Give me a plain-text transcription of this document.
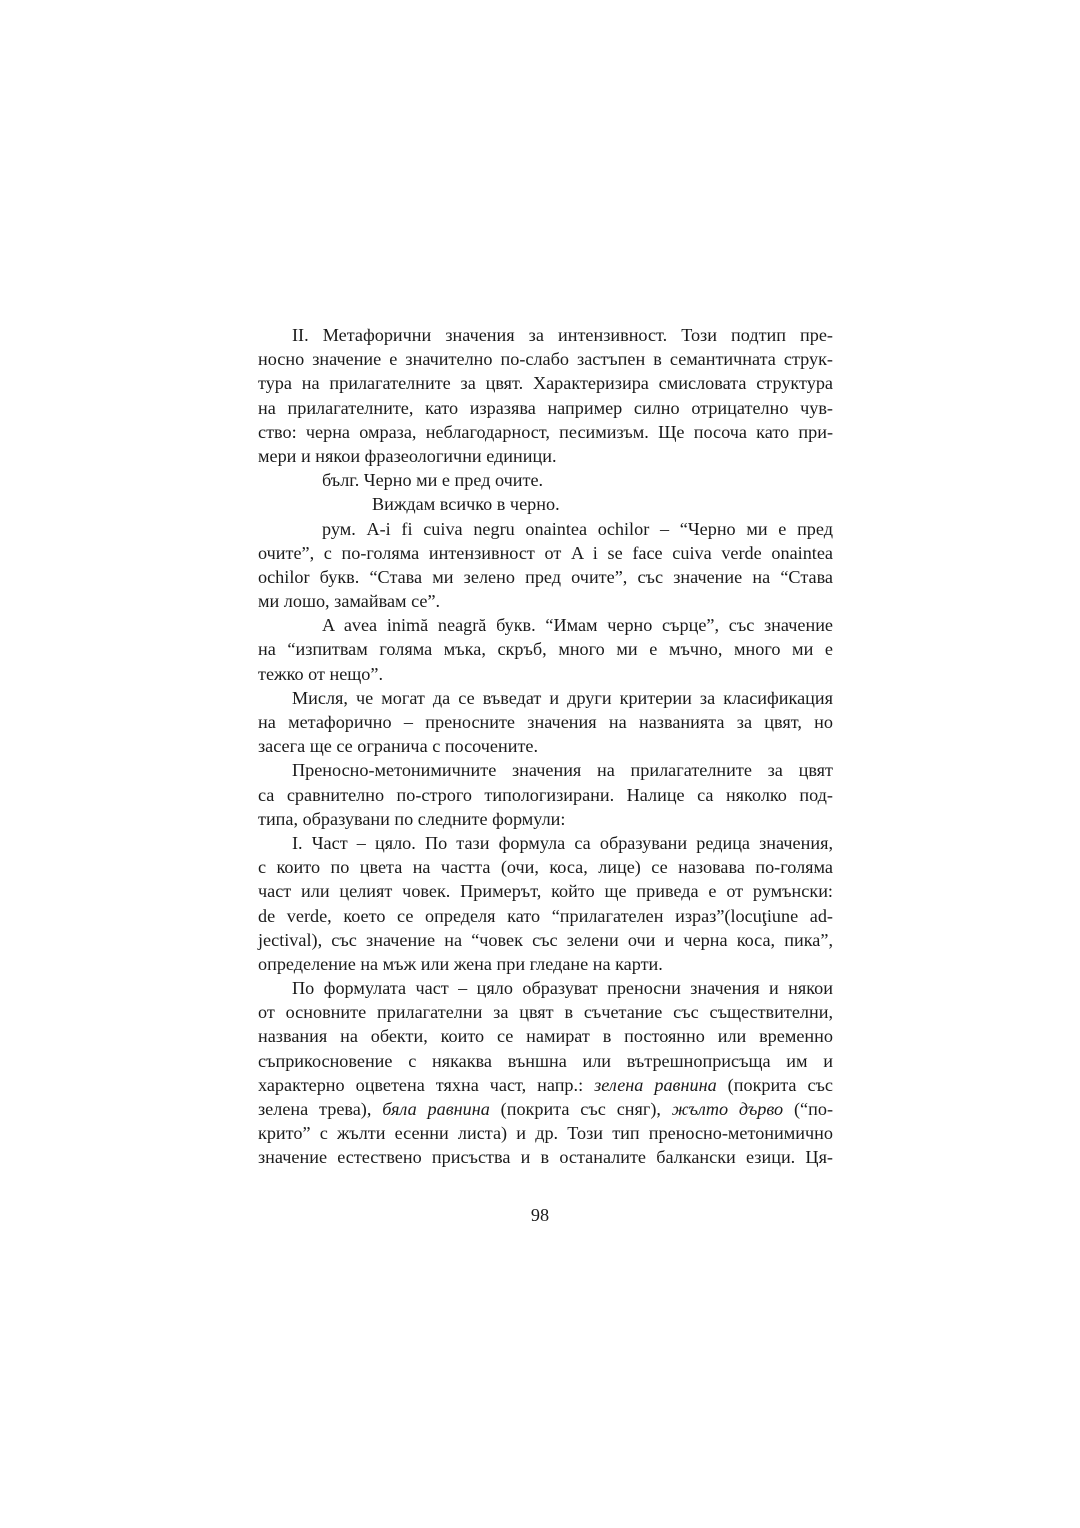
II. Метафорични значения за интензивност. Този подтип пре-
носно значение е значително по-слабо застъпен в семантичната струк-
тура на прилагателните за цвят. Характеризира смисловата структура
на прилагателните, като изразява например силно отрицателно чув-
ство: черна омраза, неблагодарност, песимизъм. Ще посоча като при-
мери и някои фразеологични единици.
бълг. Черно ми е пред очите.
Виждам всичко в черно.
рум. A-i fi cuiva negru onaintea ochilor – “Черно ми е пред
очите”, с по-голяма интензивност от A i se face cuiva verde onaintea
ochilor букв. “Става ми зелено пред очите”, със значение на “Става
ми лошо, замайвам се”.
A avea inimă neagră букв. “Имам черно сърце”, със значение
на “изпитвам голяма мъка, скръб, много ми е мъчно, много ми е
тежко от нещо”.
Мисля, че могат да се въведат и други критерии за класификация
на метафорично – преносните значения на названията за цвят, но
засега ще се огранича с посочените.
Преносно-метонимичните значения на прилагателните за цвят
са сравнително по-строго типологизирани. Налице са няколко под-
типа, образувани по следните формули:
I. Част – цяло. По тази формула са образувани редица значения,
с които по цвета на частта (очи, коса, лице) се назовава по-голяма
част или целият човек. Примерът, който ще приведа е от румънски:
de verde, което се определя като “прилагателен израз”(locuţiune ad-
jectival), със значение на “човек със зелени очи и черна коса, пика”,
определение на мъж или жена при гледане на карти.
По формулата част – цяло образуват преносни значения и някои
от основните прилагателни за цвят в съчетание със съществителни,
названия на обекти, които се намират в постоянно или временно
съприкосновение с някаква външна или вътрешноприсъща им и
характерно оцветена тяхна част, напр.: зелена равнина (покрита със
зелена трева), бяла равнина (покрита със сняг), жълто дърво (“по-
крито” с жълти есенни листа) и др. Този тип преносно-метонимично
значение естествено присъства и в останалите балкански езици. Ця-
98
